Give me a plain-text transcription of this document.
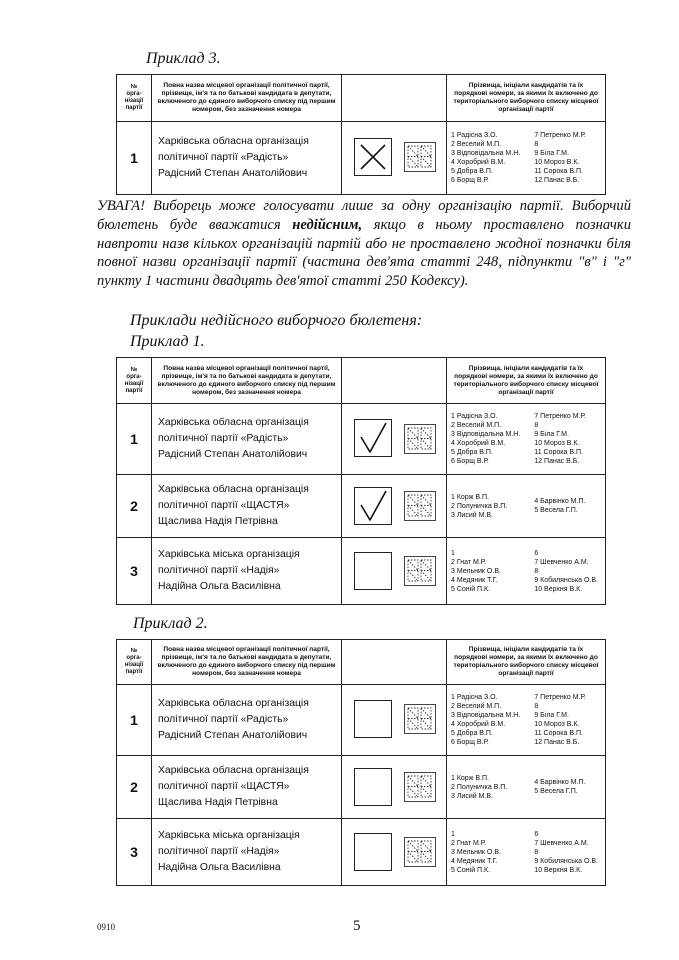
Приклад 3.
№
орга-
нізації
партії
Повна назва місцевої організації політичної партії, прізвище, ім'я та по батькові кандидата в депутати, включеного до єдиного виборчого списку під першим номером, без зазначення номера
Прізвища, ініціали кандидатів та їх порядкові номери, за якими їх включено до територіального виборчого списку місцевої організації партії
1
Харківська обласна організація політичної партії «Радість»
Радісний Степан Анатолійович
1 Радісна З.О.
2 Веселий М.П.
3 Відповідальна М.Н.
4 Хоробрий В.М.
5 Добра В.П.
6 Борщ В.Р.
7 Петренко М.Р.
8
9 Біла Г.М.
10 Мороз В.К.
11 Сорока В.П.
12 Панас В.Б.
УВАГА! Виборець може голосувати лише за одну організацію партії. Виборчий бюлетень буде вважатися недійсним, якщо в ньому проставлено позначки навпроти назв кількох організацій партій або не проставлено жодної позначки біля повної назви організації партії (частина дев'ятa статті 248, підпункти "в" і "г" пункту 1 частини двадцять дев'ятої статті 250 Кодексу).
Приклади недійсного виборчого бюлетеня:
Приклад 1.
№
орга-
нізації
партії
Повна назва місцевої організації політичної партії, прізвище, ім'я та по батькові кандидата в депутати, включеного до єдиного виборчого списку під першим номером, без зазначення номера
Прізвища, ініціали кандидатів та їх порядкові номери, за якими їх включено до територіального виборчого списку місцевої організації партії
1
Харківська обласна організація політичної партії «Радість»
Радісний Степан Анатолійович
1 Радісна З.О.
2 Веселий М.П.
3 Відповідальна М.Н.
4 Хоробрий В.М.
5 Добра В.П.
6 Борщ В.Р.
7 Петренко М.Р.
8
9 Біла Г.М.
10 Мороз В.К.
11 Сорока В.П.
12 Панас В.Б.
2
Харківська обласна організація політичної партії «ЩАСТЯ»
Щаслива Надія Петрівна
1 Корж В.П.
2 Полуничка В.П.
3 Лисий М.В.
4 Барвінко М.П.
5 Весела Г.П.
3
Харківська міська організація політичної партії «Надія»
Надійна Ольга Василівна
1
2 Гнат М.Р.
3 Мельник О.В.
4 Медяник Т.Г.
5 Соній П.К.
6
7 Шевченко А.М.
8
9 Кобилянська О.В.
10 Верхня В.К.
Приклад 2.
№
орга-
нізації
партії
Повна назва місцевої організації політичної партії, прізвище, ім'я та по батькові кандидата в депутати, включеного до єдиного виборчого списку під першим номером, без зазначення номера
Прізвища, ініціали кандидатів та їх порядкові номери, за якими їх включено до територіального виборчого списку місцевої організації партії
1
Харківська обласна організація політичної партії «Радість»
Радісний Степан Анатолійович
1 Радісна З.О.
2 Веселий М.П.
3 Відповідальна М.Н.
4 Хоробрий В.М.
5 Добра В.П.
6 Борщ В.Р.
7 Петренко М.Р.
8
9 Біла Г.М.
10 Мороз В.К.
11 Сорока В.П.
12 Панас В.Б.
2
Харківська обласна організація політичної партії «ЩАСТЯ»
Щаслива Надія Петрівна
1 Корж В.П.
2 Полуничка В.П.
3 Лисий М.В.
4 Барвінко М.П.
5 Весела Г.П.
3
Харківська міська організація політичної партії «Надія»
Надійна Ольга Василівна
1
2 Гнат М.Р.
3 Мельник О.В.
4 Медяник Т.Г.
5 Соній П.К.
6
7 Шевченко А.М.
8
9 Кобилянська О.В.
10 Верхня В.К.
0910	5
